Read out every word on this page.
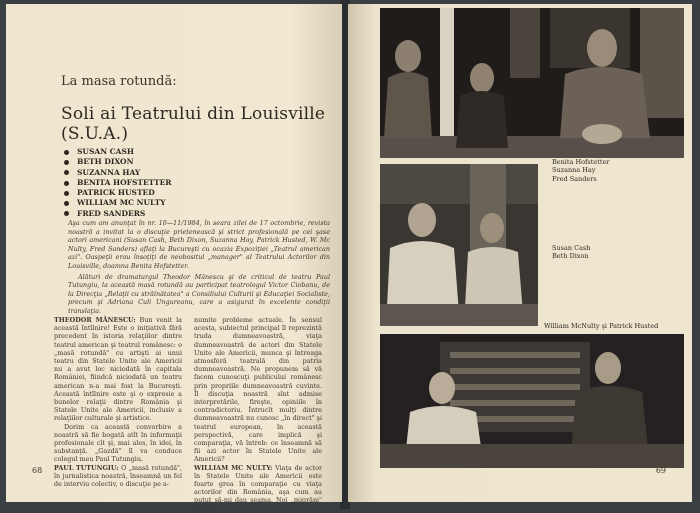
La masa rotundă:
Soli ai Teatrului din Louisville (S.U.A.)
SUSAN CASH
BETH DIXON
SUZANNA HAY
BENITA HOFSTETTER
PATRICK HUSTED
WILLIAM MC NULTY
FRED SANDERS
Aşa cum am anunţat în nr. 10—11/1984, în seara zilei de 17 octombrie, revista noastră a invitat la o discuţie prietenească şi strict profesională pe cei şase actori americani (Susan Cash, Beth Dixon, Suzanna Hay, Patrick Husted, W. Mc Nulty, Fred Sanders) aflaţi la Bucureşti cu ocazia Expoziţiei „Teatrul american azi". Oaspeţii erau însoţiţi de neobositul „manager" al Teatrului Actorilor din Louisville, doamna Benita Hofstetter.
Alături de dramaturgul Theodor Mănescu şi de criticul de teatru Paul Tutungiu, la această masă rotundă au participat teatrologul Victor Ciobanu, de la Direcţia „Relaţii cu străinătatea" a Consiliului Culturii şi Educaţiei Socialiste, precum şi Adriana Culi Ungureanu, care a asigurat în excelente condiţii translaţia.

THEODOR MĂNESCU: Bun venit la această întîlnire! Este o iniţiativă fără precedent în istoria relaţiilor dintre teatrul american şi teatrul românesc: o „masă rotundă" cu artişti ai unui teatru din Statele Unite ale Americii nu a avut loc niciodată în capitala României, fiindcă niciodată un teatru american n-a mai fost la Bucureşti. Această întîlnire este şi o expresie a bunelor relaţii dintre România şi Statele Unite ale Americii, inclusiv a relaţiilor culturale şi artistice.

Dorim ca această convorbire a noastră să fie bogată atît în informaţii profesionale cît şi, mai ales, în idei, în substanţă. „Gazdă" îl va conduce colegul meu Paul Tutungiu.

PAUL TUTUNGIU: O „masă rotundă", în jurnalistica noastră, înseamnă un fel de interviu colectiv, o discuţie pe a-

numite probleme actuale. În sensul acesta, subiectul principal îl reprezintă truda dumneavoastră, viaţa dumneavoastră de actori din Statele Unite ale Americii, munca şi întreaga atmosferă teatrală din patria dumneavoastră. Ne propunem să vă facem cunoscuţi publicului românesc prin propriile dumneavoastră cuvinte. Îl discuţia noastră sînt admise interpretările, fireşte, opiniile în contradictoriu. Întrucît mulţi dintre dumneavoastră nu cunosc „în direct" şi teatrul european, în această perspectivă, care implică şi comparaţia, vă întreb: ce înseamnă să fii azi actor în Statele Unite ale Americii?

WILLIAM MC NULTY: Viaţa de actor în Statele Unite ale Americii este foarte grea în comparaţie cu viaţa actorilor din România, aşa cum au putut să-mi dau seama. Noi „migrăm" perma-

68
Benita Hofstetter
Suzanna Hay
Fred Sanders
Susan Cash
Beth Dixon
William McNulty şi Patrick Husted
69
